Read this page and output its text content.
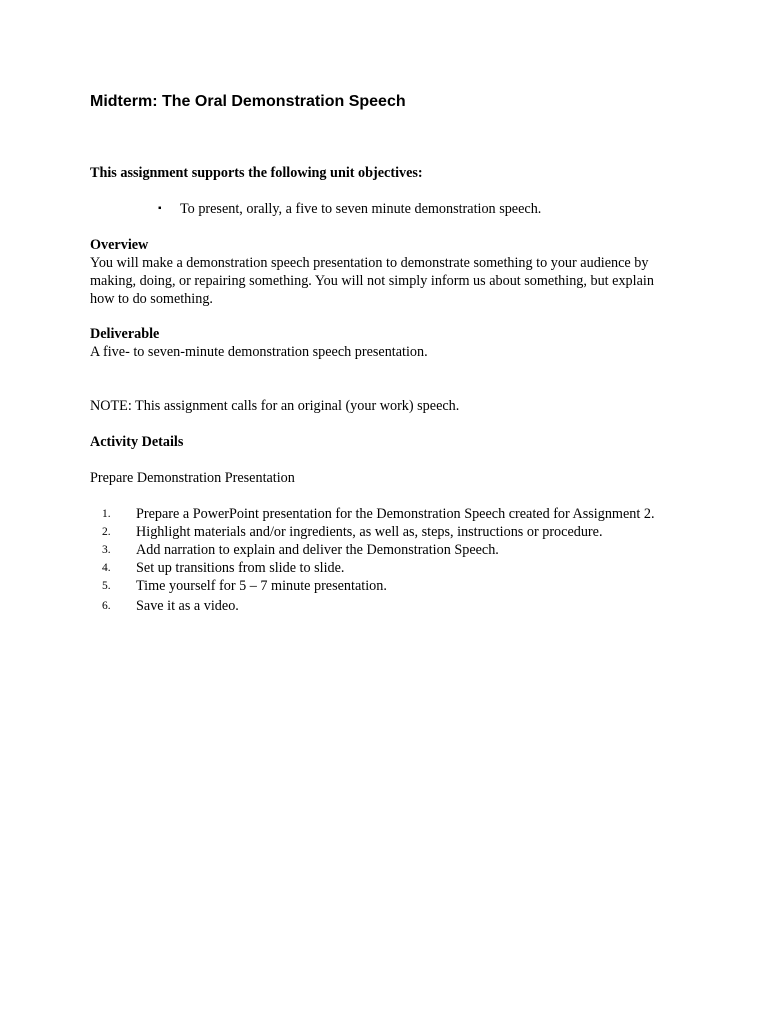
Midterm: The Oral Demonstration Speech

This assignment supports the following unit objectives:

▪	To present, orally, a five to seven minute demonstration speech.
Overview
You will make a demonstration speech presentation to demonstrate something to your audience by making, doing, or repairing something. You will not simply inform us about something, but explain how to do something.
Deliverable
A five- to seven-minute demonstration speech presentation.

NOTE: This assignment calls for an original (your work) speech.

Activity Details

Prepare Demonstration Presentation

1.	Prepare a PowerPoint presentation for the Demonstration Speech created for Assignment 2.
2.	Highlight materials and/or ingredients, as well as, steps, instructions or procedure.
3.	Add narration to explain and deliver the Demonstration Speech.
4.	Set up transitions from slide to slide.
5.	Time yourself for 5 – 7 minute presentation.
6.	Save it as a video.
